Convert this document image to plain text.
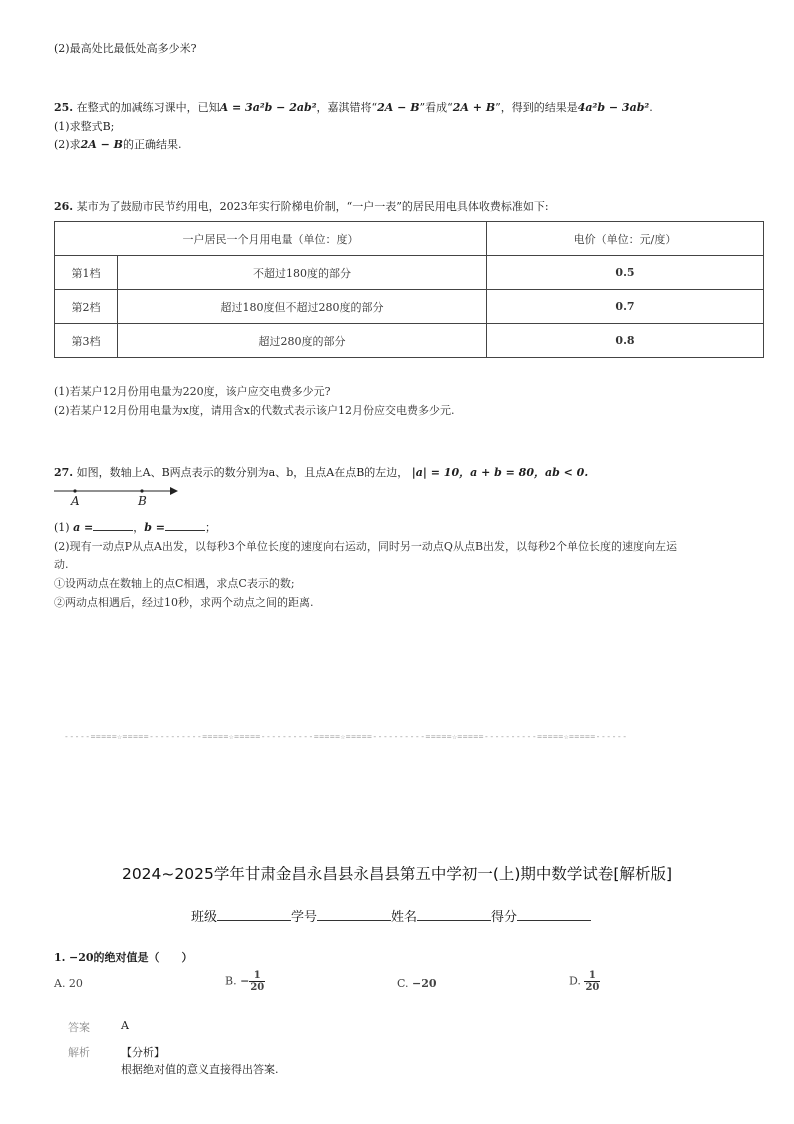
(2)最高处比最低处高多少米?
25. 在整式的加减练习课中，已知A = 3a²b − 2ab²，嘉淇错将“2A − B”看成“2A + B”，得到的结果是4a²b − 3ab².
(1)求整式B;
(2)求2A − B的正确结果.
26. 某市为了鼓励市民节约用电，2023年实行阶梯电价制，“一户一表”的居民用电具体收费标准如下:
一户居民一个月用电量（单位：度）		电价（单位：元/度）
第1档	不超过180度的部分	0.5
第2档	超过180度但不超过280度的部分	0.7
第3档	超过280度的部分	0.8
(1)若某户12月份用电量为220度，该户应交电费多少元?
(2)若某户12月份用电量为x度，请用含x的代数式表示该户12月份应交电费多少元.
27. 如图，数轴上A、B两点表示的数分别为a、b，且点A在点B的左边， |a| = 10，a + b = 80，ab < 0.
A	B
(1) a =	，b =	；
(2)现有一动点P从点A出发，以每秒3个单位长度的速度向右运动，同时另一动点Q从点B出发，以每秒2个单位长度的速度向左运
动.
①设两动点在数轴上的点C相遇，求点C表示的数;
②两动点相遇后，经过10秒，求两个动点之间的距离.
-----=====☆=====----------=====☆=====----------=====☆=====----------=====☆=====----------=====☆=====------
2024~2025学年甘肃金昌永昌县永昌县第五中学初一(上)期中数学试卷[解析版]
班级	学号	姓名	得分
1. −20的绝对值是（　　）
A. 20	B. − $\frac{1}{20}$	C. −20	D. $\frac{1}{20}$
答案	A
解析	【分析】
根据绝对值的意义直接得出答案.
